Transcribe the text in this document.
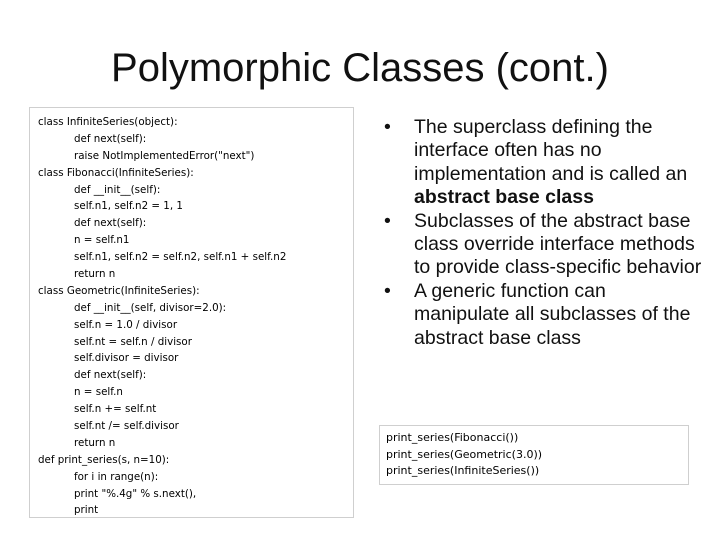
Polymorphic Classes (cont.)
class InfiniteSeries(object):
def next(self):
raise NotImplementedError("next")
class Fibonacci(InfiniteSeries):
def __init__(self):
self.n1, self.n2 = 1, 1
def next(self):
n = self.n1
self.n1, self.n2 = self.n2, self.n1 + self.n2
return n
class Geometric(InfiniteSeries):
def __init__(self, divisor=2.0):
self.n = 1.0 / divisor
self.nt = self.n / divisor
self.divisor = divisor
def next(self):
n = self.n
self.n += self.nt
self.nt /= self.divisor
return n
def print_series(s, n=10):
for i in range(n):
print "%.4g" % s.next(),
print
•	The superclass defining the interface often has no implementation and is called an abstract base class
•	Subclasses of the abstract base class override interface methods to provide class-specific behavior
•	A generic function can manipulate all subclasses of the abstract base class
print_series(Fibonacci())
print_series(Geometric(3.0))
print_series(InfiniteSeries())
